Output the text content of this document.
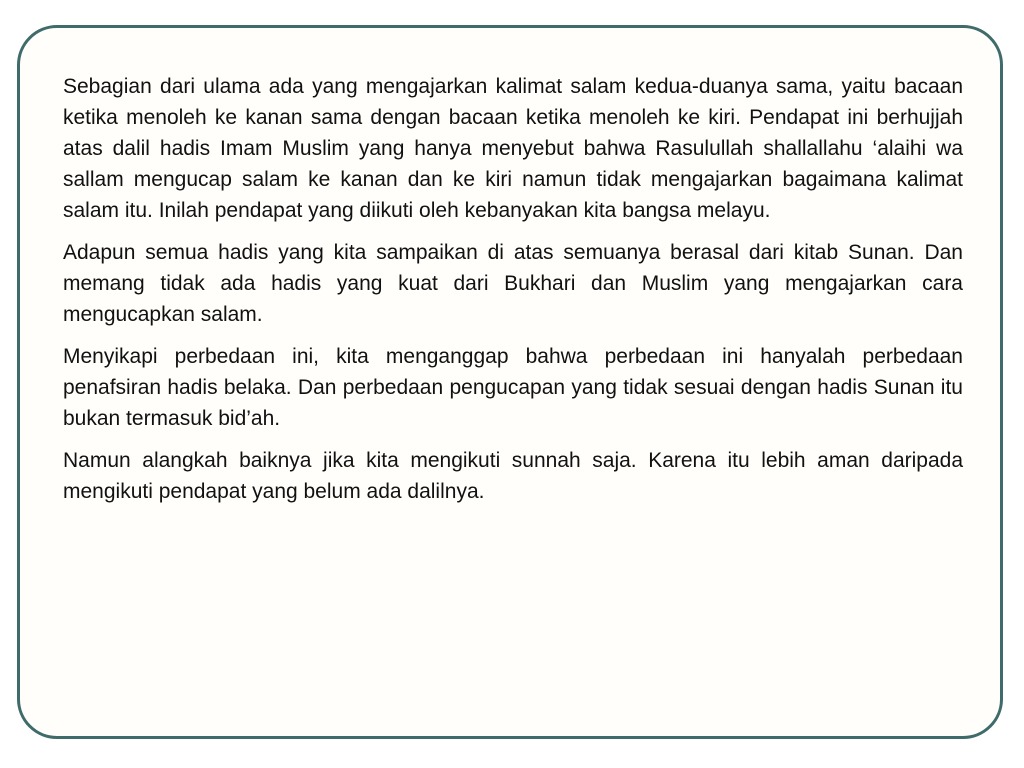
Sebagian dari ulama ada yang mengajarkan kalimat salam kedua-duanya sama, yaitu bacaan ketika menoleh ke kanan sama dengan bacaan ketika menoleh ke kiri. Pendapat ini berhujjah atas dalil hadis Imam Muslim yang hanya menyebut bahwa Rasulullah shallallahu ‘alaihi wa sallam mengucap salam ke kanan dan ke kiri namun tidak mengajarkan bagaimana kalimat salam itu. Inilah pendapat yang diikuti oleh kebanyakan kita bangsa melayu.

Adapun semua hadis yang kita sampaikan di atas semuanya berasal dari kitab Sunan. Dan memang tidak ada hadis yang kuat dari Bukhari dan Muslim yang mengajarkan cara mengucapkan salam.

Menyikapi perbedaan ini, kita menganggap bahwa perbedaan ini hanyalah perbedaan penafsiran hadis belaka. Dan perbedaan pengucapan yang tidak sesuai dengan hadis Sunan itu bukan termasuk bid’ah.

Namun alangkah baiknya jika kita mengikuti sunnah saja. Karena itu lebih aman daripada mengikuti pendapat yang belum ada dalilnya.
